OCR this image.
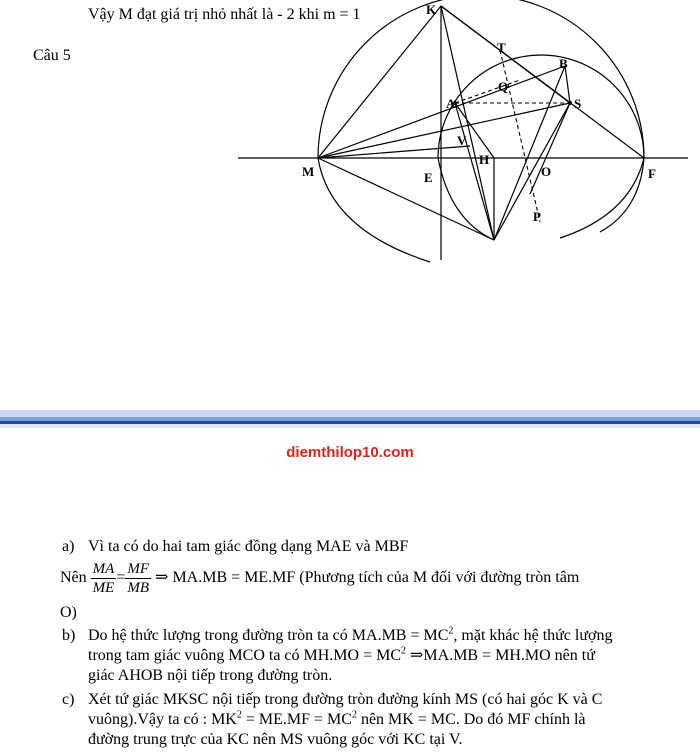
Vậy M đạt giá trị nhỏ nhất là - 2 khi m = 1
Câu 5
K
T
B
Q
A	S
V
H
M	E	O	F
P
diemthilop10.com
a) Vì ta có do hai tam giác đồng dạng MAE và MBF
Nên $\frac{MA}{ME} = \frac{MF}{MB}$ ⇒ MA.MB = ME.MF (Phương tích của M đối với đường tròn tâm
O)
b) Do hệ thức lượng trong đường tròn ta có $MA.MB = MC^2$, mặt khác hệ thức lượng
trong tam giác vuông MCO ta có $MH.MO = MC^2$ ⇒MA.MB = MH.MO nên tứ
giác AHOB nội tiếp trong đường tròn.
c) Xét tứ giác MKSC nội tiếp trong đường tròn đường kính MS (có hai góc K và C
vuông).Vậy ta có : $MK^2 = ME.MF = MC^2$ nên MK = MC. Do đó MF chính là
đường trung trực của KC nên MS vuông góc với KC tại V.
